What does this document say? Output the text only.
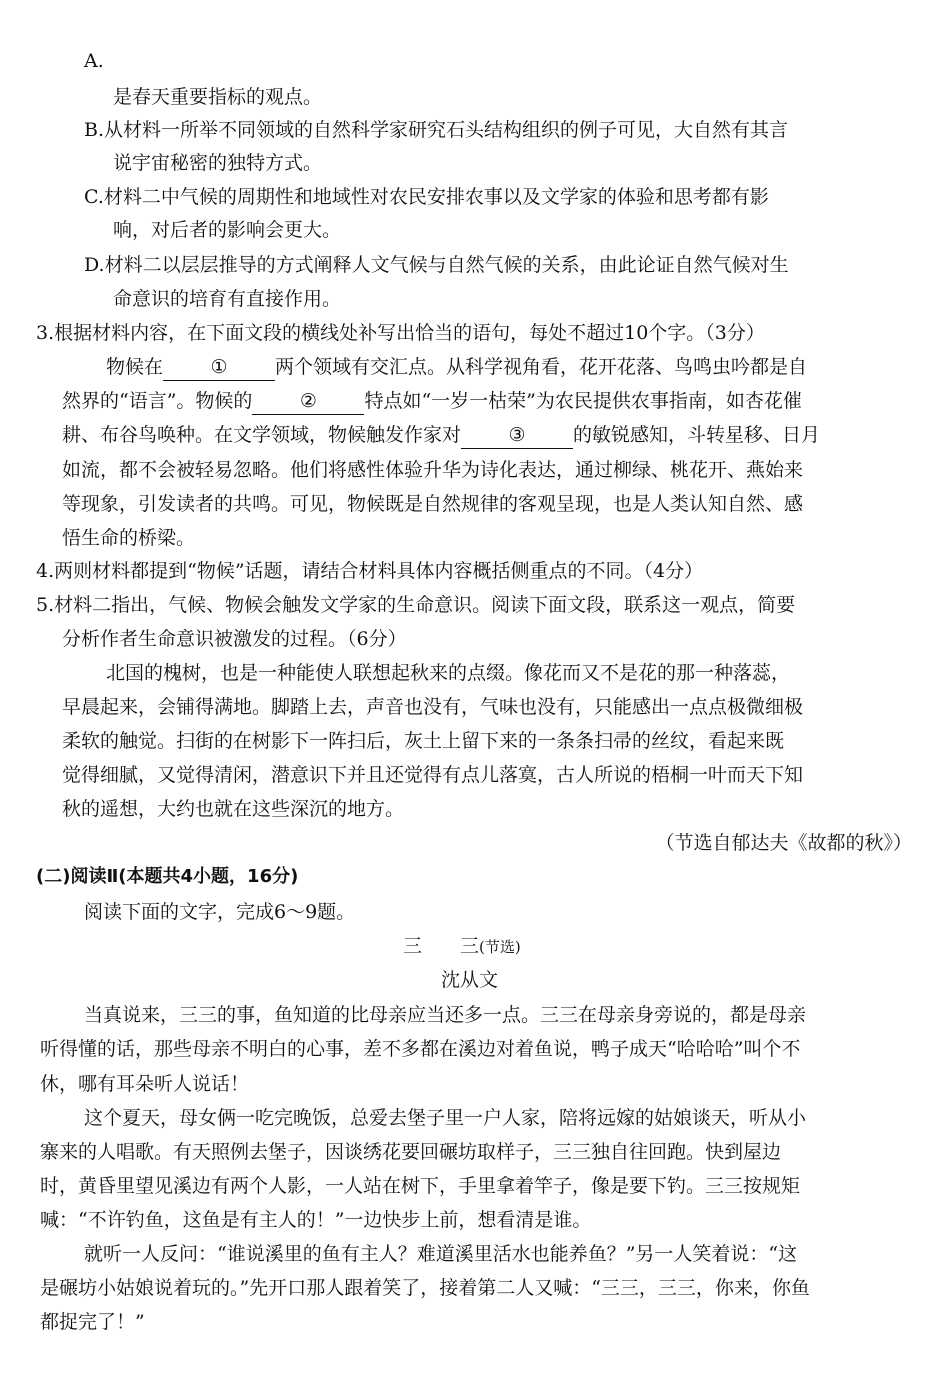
A.
是春天重要指标的观点。
B.从材料一所举不同领域的自然科学家研究石头结构组织的例子可见，大自然有其言
说宇宙秘密的独特方式。
C.材料二中气候的周期性和地域性对农民安排农事以及文学家的体验和思考都有影
响，对后者的影响会更大。
D.材料二以层层推导的方式阐释人文气候与自然气候的关系，由此论证自然气候对生
命意识的培育有直接作用。
3.根据材料内容，在下面文段的横线处补写出恰当的语句，每处不超过10个字。（3分）
物候在 ① 两个领域有交汇点。从科学视角看，花开花落、鸟鸣虫吟都是自
然界的“语言”。物候的 ② 特点如“一岁一枯荣”为农民提供农事指南，如杏花催
耕、布谷鸟唤种。在文学领域，物候触发作家对 ③ 的敏锐感知，斗转星移、日月
如流，都不会被轻易忽略。他们将感性体验升华为诗化表达，通过柳绿、桃花开、燕始来
等现象，引发读者的共鸣。可见，物候既是自然规律的客观呈现，也是人类认知自然、感
悟生命的桥梁。
4.两则材料都提到“物候”话题，请结合材料具体内容概括侧重点的不同。（4分）
5.材料二指出，气候、物候会触发文学家的生命意识。阅读下面文段，联系这一观点，简要
分析作者生命意识被激发的过程。（6分）
北国的槐树，也是一种能使人联想起秋来的点缀。像花而又不是花的那一种落蕊，
早晨起来，会铺得满地。脚踏上去，声音也没有，气味也没有，只能感出一点点极微细极
柔软的触觉。扫街的在树影下一阵扫后，灰土上留下来的一条条扫帚的丝纹，看起来既
觉得细腻，又觉得清闲，潜意识下并且还觉得有点儿落寞，古人所说的梧桐一叶而天下知
秋的遥想，大约也就在这些深沉的地方。
（节选自郁达夫《故都的秋》）
(二)阅读Ⅱ(本题共4小题，16分)
阅读下面的文字，完成6～9题。
三　　三(节选)
沈从文
当真说来，三三的事，鱼知道的比母亲应当还多一点。三三在母亲身旁说的，都是母亲
听得懂的话，那些母亲不明白的心事，差不多都在溪边对着鱼说，鸭子成天“哈哈哈”叫个不
休，哪有耳朵听人说话！
这个夏天，母女俩一吃完晚饭，总爱去堡子里一户人家，陪将远嫁的姑娘谈天，听从小
寨来的人唱歌。有天照例去堡子，因谈绣花要回碾坊取样子，三三独自往回跑。快到屋边
时，黄昏里望见溪边有两个人影，一人站在树下，手里拿着竿子，像是要下钓。三三按规矩
喊：“不许钓鱼，这鱼是有主人的！”一边快步上前，想看清是谁。
就听一人反问：“谁说溪里的鱼有主人？难道溪里活水也能养鱼？”另一人笑着说：“这
是碾坊小姑娘说着玩的。”先开口那人跟着笑了，接着第二人又喊：“三三，三三，你来，你鱼
都捉完了！”
